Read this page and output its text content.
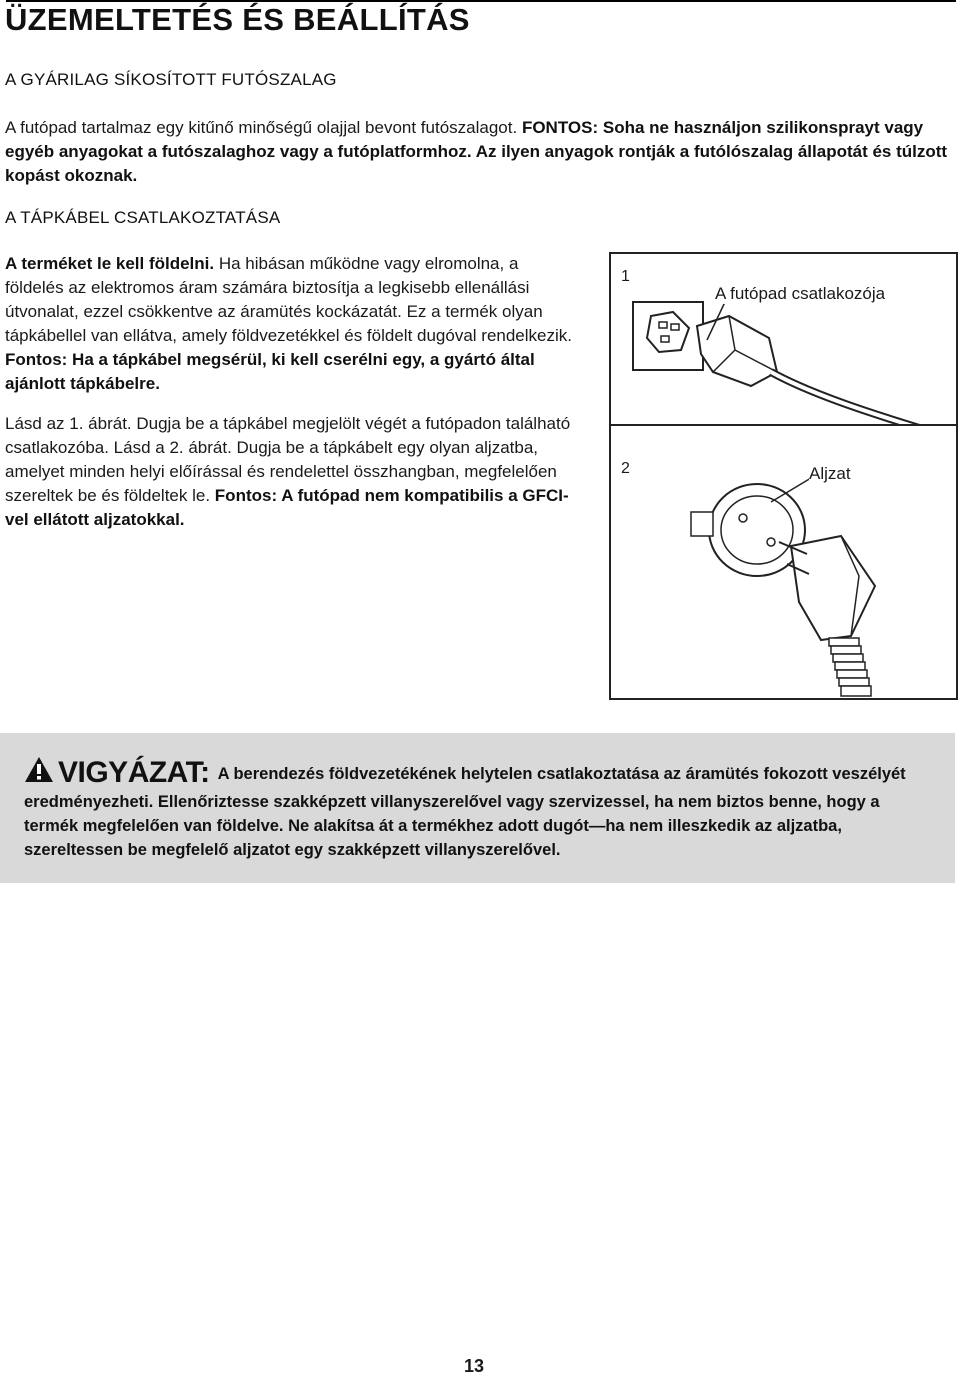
ÜZEMELTETÉS ÉS BEÁLLÍTÁS
A GYÁRILAG SÍKOSÍTOTT FUTÓSZALAG

A futópad tartalmaz egy kitűnő minőségű olajjal bevont futószalagot. FONTOS: Soha ne használjon szilikonsprayt vagy egyéb anyagokat a futószalaghoz vagy a futóplatformhoz. Az ilyen anyagok rontják a futólószalag állapotát és túlzott kopást okoznak.

A TÁPKÁBEL CSATLAKOZTATÁSA

A terméket le kell földelni. Ha hibásan működne vagy elromolna, a földelés az elektromos áram számára biztosítja a legkisebb ellenállási útvonalat, ezzel csökkentve az áramütés kockázatát. Ez a termék olyan tápkábellel van ellátva, amely földvezetékkel és földelt dugóval rendelkezik. Fontos: Ha a tápkábel megsérül, ki kell cserélni egy, a gyártó által ajánlott tápkábelre.

Lásd az 1. ábrát. Dugja be a tápkábel megjelölt végét a futópadon található csatlakozóba. Lásd a 2. ábrát. Dugja be a tápkábelt egy olyan aljzatba, amelyet minden helyi előírással és rendelettel összhangban, megfelelően szereltek be és földeltek le. Fontos: A futópad nem kompatibilis a GFCI-vel ellátott aljzatokkal.

1
A futópad csatlakozója
2	Aljzat

VIGYÁZAT: A berendezés földvezetékének helytelen csatlakoztatása az áramütés fokozott veszélyét eredményezheti. Ellenőriztesse szakképzett villanyszerelővel vagy szervizessel, ha nem biztos benne, hogy a termék megfelelően van földelve. Ne alakítsa át a termékhez adott dugót—ha nem illeszkedik az aljzatba, szereltessen be megfelelő aljzatot egy szakképzett villanyszerelővel.

13
